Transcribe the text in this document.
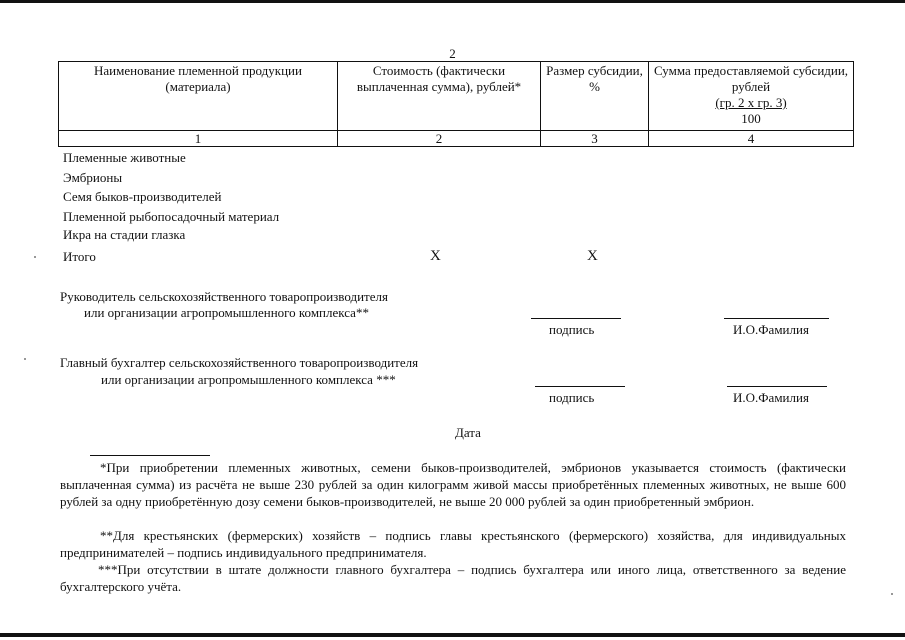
2
Наименование племенной продукции (материала)	Стоимость (фактически выплаченная сумма), рублей*	Размер субсидии, %	Сумма предоставляемой субсидии, рублей
(гр. 2 х гр. 3)
100

1	2	3	4
Племенные животные
Эмбрионы
Семя быков-производителей
Племенной рыбопосадочный материал
Икра на стадии глазка
Итого	Х	Х
Руководитель сельскохозяйственного товаропроизводителя
или организации агропромышленного комплекса**
подпись	И.О.Фамилия
Главный бухгалтер сельскохозяйственного товаропроизводителя
или организации агропромышленного комплекса ***
подпись	И.О.Фамилия
Дата
*При приобретении племенных животных, семени быков-производителей, эмбрионов указывается стоимость (фактически выплаченная сумма) из расчёта не выше 230 рублей за один килограмм живой массы приобретённых племенных животных, не выше 600 рублей за одну приобретённую дозу семени быков-производителей, не выше 20 000 рублей за один приобретенный эмбрион.
**Для крестьянских (фермерских) хозяйств – подпись главы крестьянского (фермерского) хозяйства, для индивидуальных предпринимателей – подпись индивидуального предпринимателя.
***При отсутствии в штате должности главного бухгалтера – подпись бухгалтера или иного лица, ответственного за ведение бухгалтерского учёта.
